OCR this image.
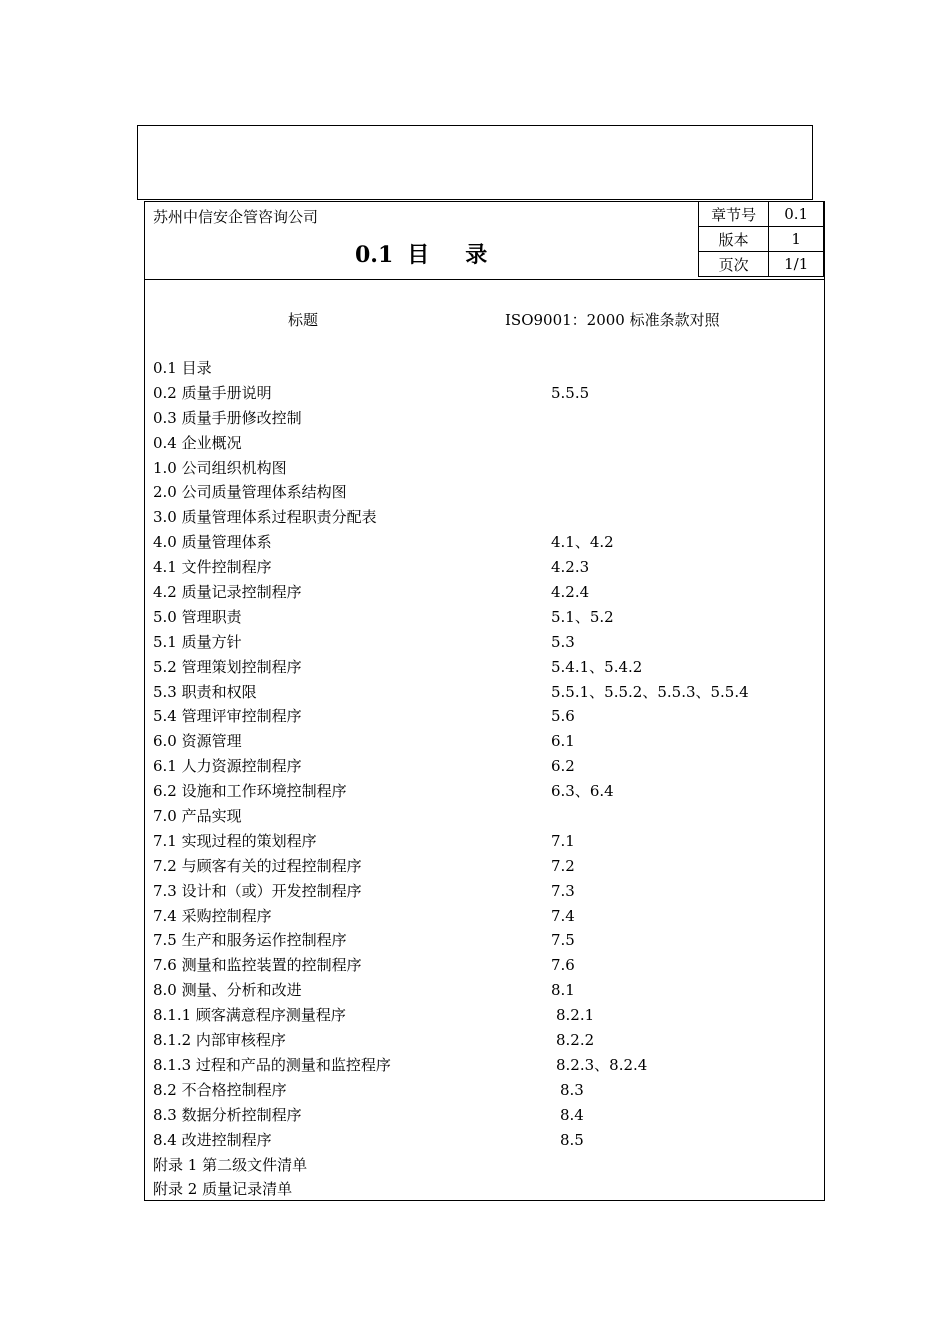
苏州中信安企管咨询公司
0.1 目 录
章节号	0.1
版本	1
页次	1/1
标题	ISO9001：2000 标准条款对照
0.1 目录
0.2 质量手册说明	5.5.5
0.3 质量手册修改控制
0.4 企业概况
1.0 公司组织机构图
2.0 公司质量管理体系结构图
3.0 质量管理体系过程职责分配表
4.0 质量管理体系	4.1、4.2
4.1 文件控制程序	4.2.3
4.2 质量记录控制程序	4.2.4
5.0 管理职责	5.1、5.2
5.1 质量方针	5.3
5.2 管理策划控制程序	5.4.1、5.4.2
5.3 职责和权限	5.5.1、5.5.2、5.5.3、5.5.4
5.4 管理评审控制程序	5.6
6.0 资源管理	6.1
6.1 人力资源控制程序	6.2
6.2 设施和工作环境控制程序	6.3、6.4
7.0 产品实现
7.1 实现过程的策划程序	7.1
7.2 与顾客有关的过程控制程序	7.2
7.3 设计和（或）开发控制程序	7.3
7.4 采购控制程序	7.4
7.5 生产和服务运作控制程序	7.5
7.6 测量和监控装置的控制程序	7.6
8.0 测量、分析和改进	8.1
8.1.1 顾客满意程序测量程序	8.2.1
8.1.2 内部审核程序	8.2.2
8.1.3 过程和产品的测量和监控程序	8.2.3、8.2.4
8.2 不合格控制程序	8.3
8.3 数据分析控制程序	8.4
8.4 改进控制程序	8.5
附录 1 第二级文件清单
附录 2 质量记录清单
